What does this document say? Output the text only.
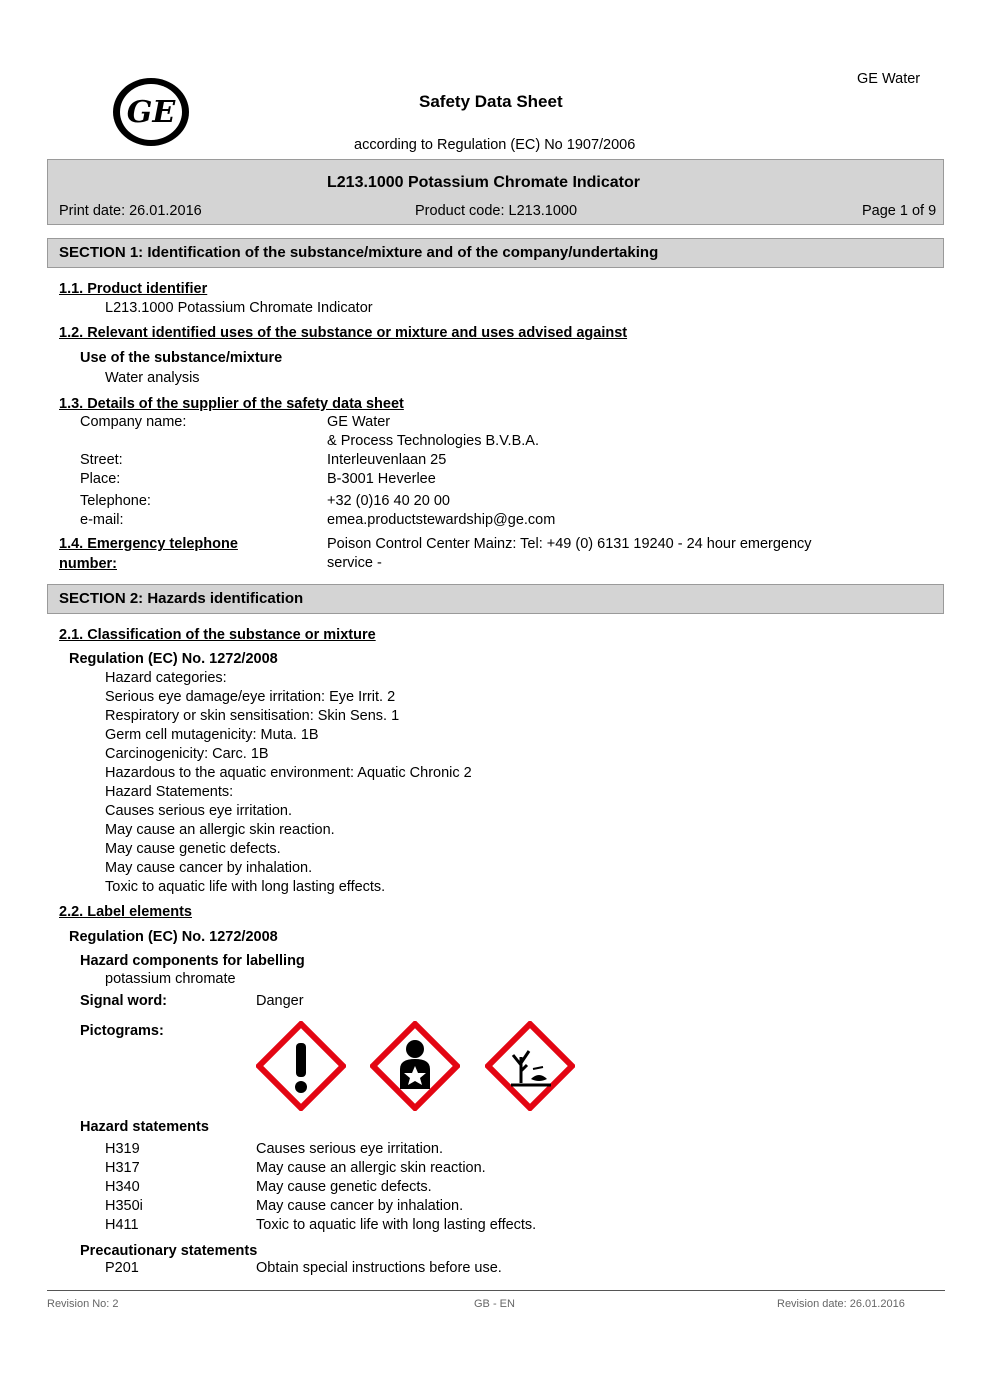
GE
GE Water
Safety Data Sheet
according to Regulation (EC) No 1907/2006
L213.1000 Potassium Chromate Indicator
Print date: 26.01.2016	Product code: L213.1000	Page 1 of 9
SECTION 1: Identification of the substance/mixture and of the company/undertaking
1.1. Product identifier
L213.1000 Potassium Chromate Indicator
1.2. Relevant identified uses of the substance or mixture and uses advised against
Use of the substance/mixture
Water analysis
1.3. Details of the supplier of the safety data sheet
Company name:	GE Water
& Process Technologies B.V.B.A.
Street:	Interleuvenlaan 25
Place:	B-3001 Heverlee
Telephone:	+32 (0)16 40 20 00
e-mail:	emea.productstewardship@ge.com
1.4. Emergency telephone
number:
Poison Control Center Mainz: Tel: +49 (0) 6131 19240 - 24 hour emergency
service -
SECTION 2: Hazards identification
2.1. Classification of the substance or mixture
Regulation (EC) No. 1272/2008
Hazard categories:
Serious eye damage/eye irritation: Eye Irrit. 2
Respiratory or skin sensitisation: Skin Sens. 1
Germ cell mutagenicity: Muta. 1B
Carcinogenicity: Carc. 1B
Hazardous to the aquatic environment: Aquatic Chronic 2
Hazard Statements:
Causes serious eye irritation.
May cause an allergic skin reaction.
May cause genetic defects.
May cause cancer by inhalation.
Toxic to aquatic life with long lasting effects.
2.2. Label elements
Regulation (EC) No. 1272/2008
Hazard components for labelling
potassium chromate
Signal word:	Danger
Pictograms:
Hazard statements
H319	Causes serious eye irritation.
H317	May cause an allergic skin reaction.
H340	May cause genetic defects.
H350i	May cause cancer by inhalation.
H411	Toxic to aquatic life with long lasting effects.
Precautionary statements
P201	Obtain special instructions before use.
Revision No: 2	GB - EN	Revision date: 26.01.2016
